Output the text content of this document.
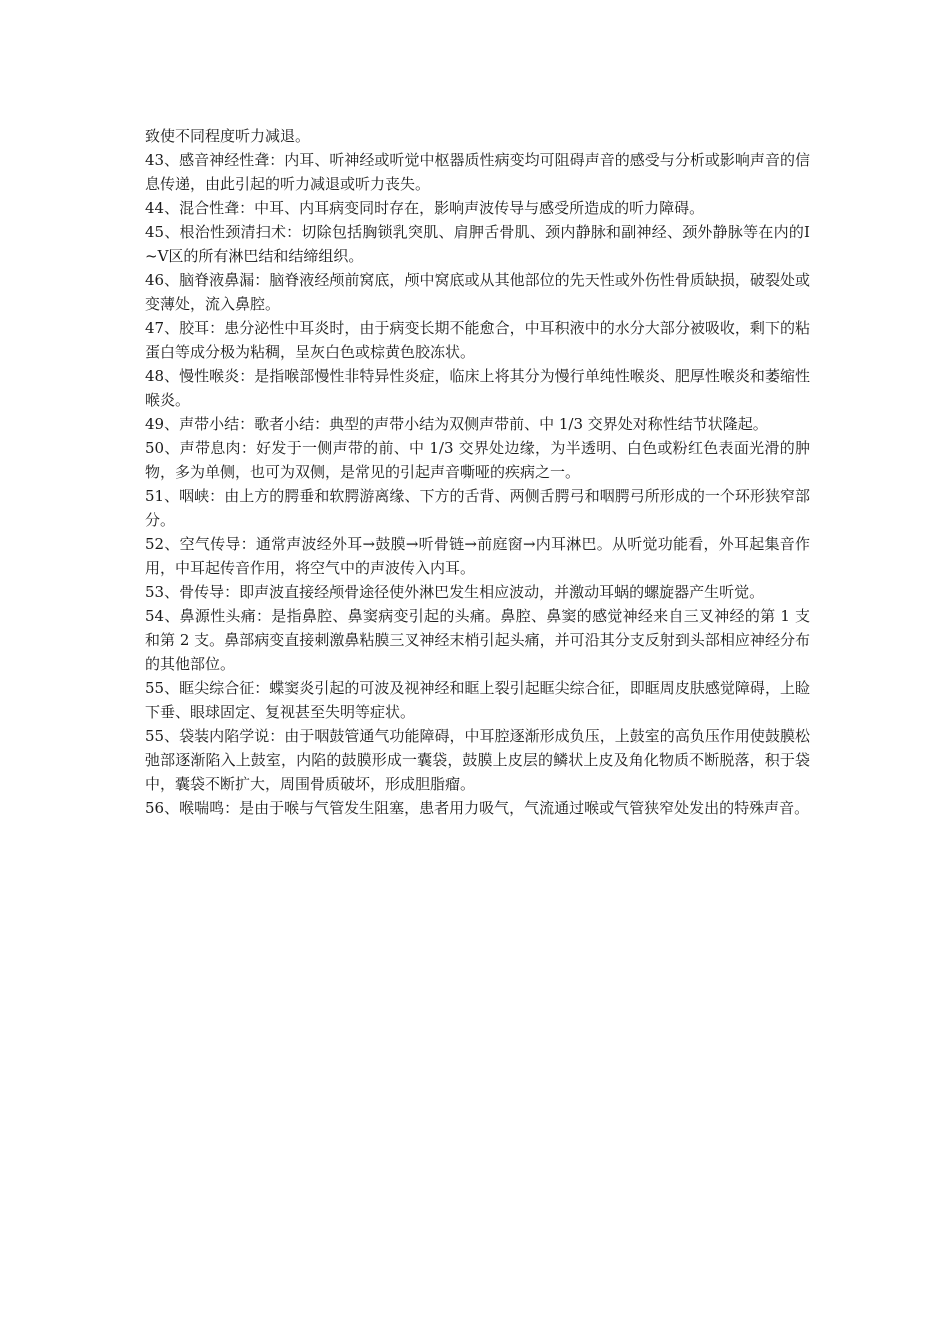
致使不同程度听力减退。

43、感音神经性聋：内耳、听神经或听觉中枢器质性病变均可阻碍声音的感受与分析或影响声音的信息传递，由此引起的听力减退或听力丧失。

44、混合性聋：中耳、内耳病变同时存在，影响声波传导与感受所造成的听力障碍。

45、根治性颈清扫术：切除包括胸锁乳突肌、肩胛舌骨肌、颈内静脉和副神经、颈外静脉等在内的Ⅰ~Ⅴ区的所有淋巴结和结缔组织。

46、脑脊液鼻漏：脑脊液经颅前窝底，颅中窝底或从其他部位的先天性或外伤性骨质缺损，破裂处或变薄处，流入鼻腔。

47、胶耳：患分泌性中耳炎时，由于病变长期不能愈合，中耳积液中的水分大部分被吸收，剩下的粘蛋白等成分极为粘稠，呈灰白色或棕黄色胶冻状。

48、慢性喉炎：是指喉部慢性非特异性炎症，临床上将其分为慢行单纯性喉炎、肥厚性喉炎和萎缩性喉炎。

49、声带小结：歌者小结：典型的声带小结为双侧声带前、中 1/3 交界处对称性结节状隆起。

50、声带息肉：好发于一侧声带的前、中 1/3 交界处边缘，为半透明、白色或粉红色表面光滑的肿物，多为单侧，也可为双侧，是常见的引起声音嘶哑的疾病之一。

51、咽峡：由上方的腭垂和软腭游离缘、下方的舌背、两侧舌腭弓和咽腭弓所形成的一个环形狭窄部分。

52、空气传导：通常声波经外耳→鼓膜→听骨链→前庭窗→内耳淋巴。从听觉功能看，外耳起集音作用，中耳起传音作用，将空气中的声波传入内耳。

53、骨传导：即声波直接经颅骨途径使外淋巴发生相应波动，并激动耳蜗的螺旋器产生听觉。

54、鼻源性头痛：是指鼻腔、鼻窦病变引起的头痛。鼻腔、鼻窦的感觉神经来自三叉神经的第 1 支和第 2 支。鼻部病变直接刺激鼻粘膜三叉神经末梢引起头痛，并可沿其分支反射到头部相应神经分布的其他部位。

55、眶尖综合征：蝶窦炎引起的可波及视神经和眶上裂引起眶尖综合征，即眶周皮肤感觉障碍，上睑下垂、眼球固定、复视甚至失明等症状。

55、袋装内陷学说：由于咽鼓管通气功能障碍，中耳腔逐渐形成负压，上鼓室的高负压作用使鼓膜松弛部逐渐陷入上鼓室，内陷的鼓膜形成一囊袋，鼓膜上皮层的鳞状上皮及角化物质不断脱落，积于袋中，囊袋不断扩大，周围骨质破坏，形成胆脂瘤。

56、喉喘鸣：是由于喉与气管发生阻塞，患者用力吸气，气流通过喉或气管狭窄处发出的特殊声音。
